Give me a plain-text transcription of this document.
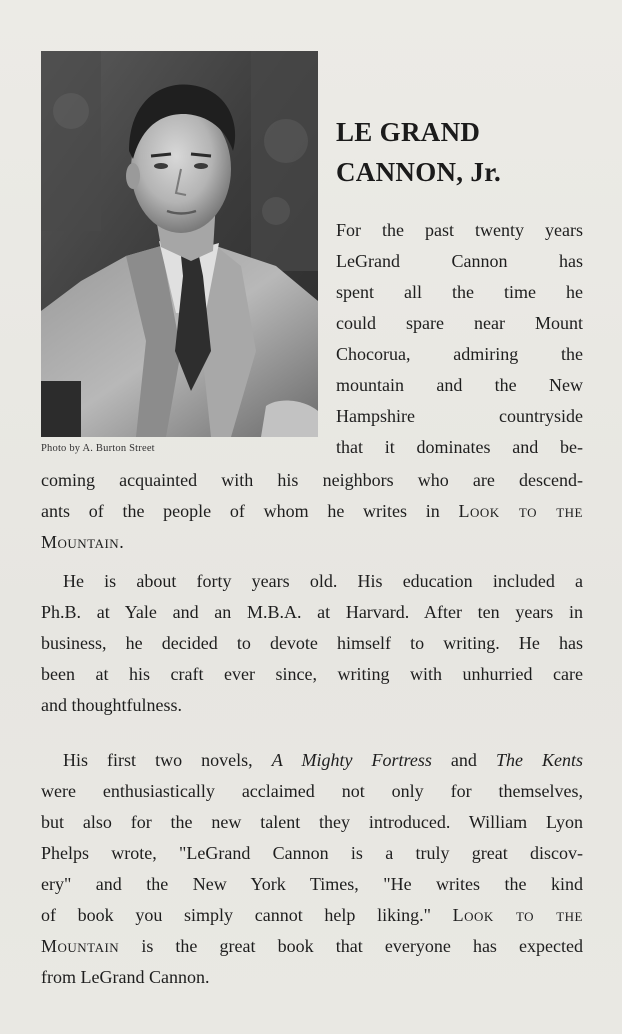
Photo by A. Burton Street
LE GRAND CANNON, Jr.

For the past twenty years
LeGrand Cannon has
spent all the time he
could spare near Mount
Chocorua, admiring the
mountain and the New
Hampshire countryside
that it dominates and be-

coming acquainted with his neighbors who are descend-
ants of the people of whom he writes in Look to the
Mountain.

He is about forty years old. His education included a
Ph.B. at Yale and an M.B.A. at Harvard. After ten years in
business, he decided to devote himself to writing. He has
been at his craft ever since, writing with unhurried care
and thoughtfulness.

His first two novels, A Mighty Fortress and The Kents
were enthusiastically acclaimed not only for themselves,
but also for the new talent they introduced. William Lyon
Phelps wrote, "LeGrand Cannon is a truly great discov-
ery" and the New York Times, "He writes the kind
of book you simply cannot help liking." Look to the
Mountain is the great book that everyone has expected
from LeGrand Cannon.
